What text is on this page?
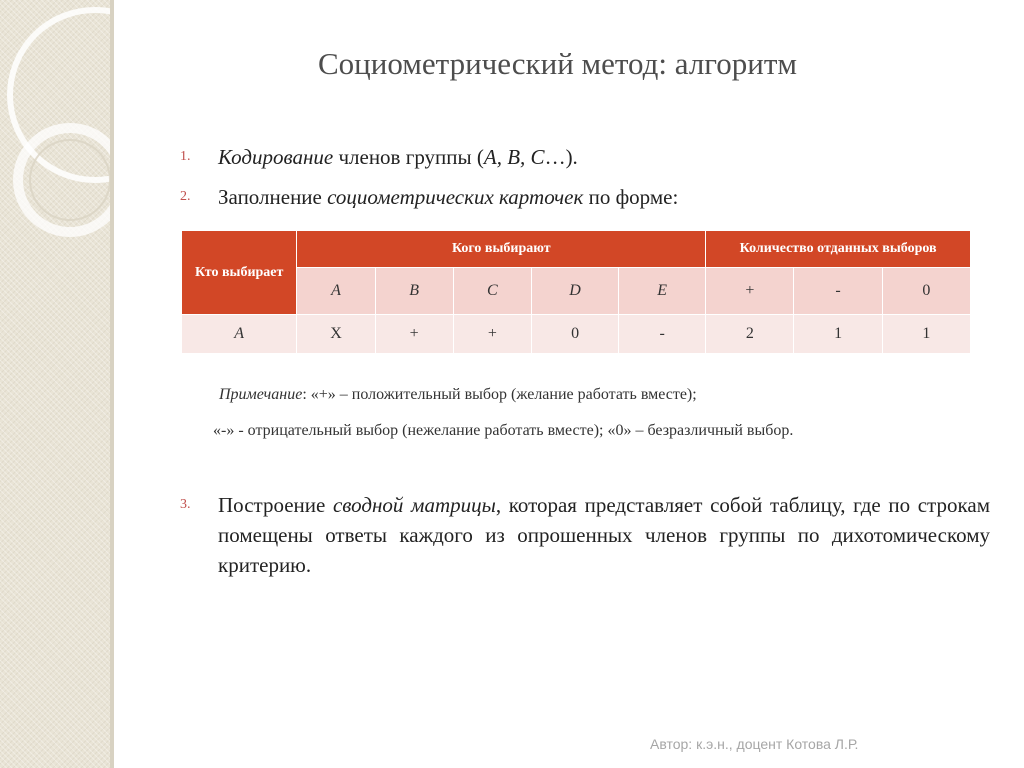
Социометрический метод: алгоритм
1. Кодирование членов группы (А, В, С…).
2. Заполнение социометрических карточек по форме:
Кто выбирает	Кого выбирают					Количество отданных выборов		
	А	В	С	D	Е	+	-	0
А	Х	+	+	0	-	2	1	1
Примечание: «+» – положительный выбор (желание работать вместе);
«-» - отрицательный выбор (нежелание работать вместе); «0» – безразличный выбор.
3. Построение сводной матрицы, которая представляет собой таблицу, где по строкам помещены ответы каждого из опрошенных членов группы по дихотомическому критерию.
Автор: к.э.н., доцент Котова Л.Р.
